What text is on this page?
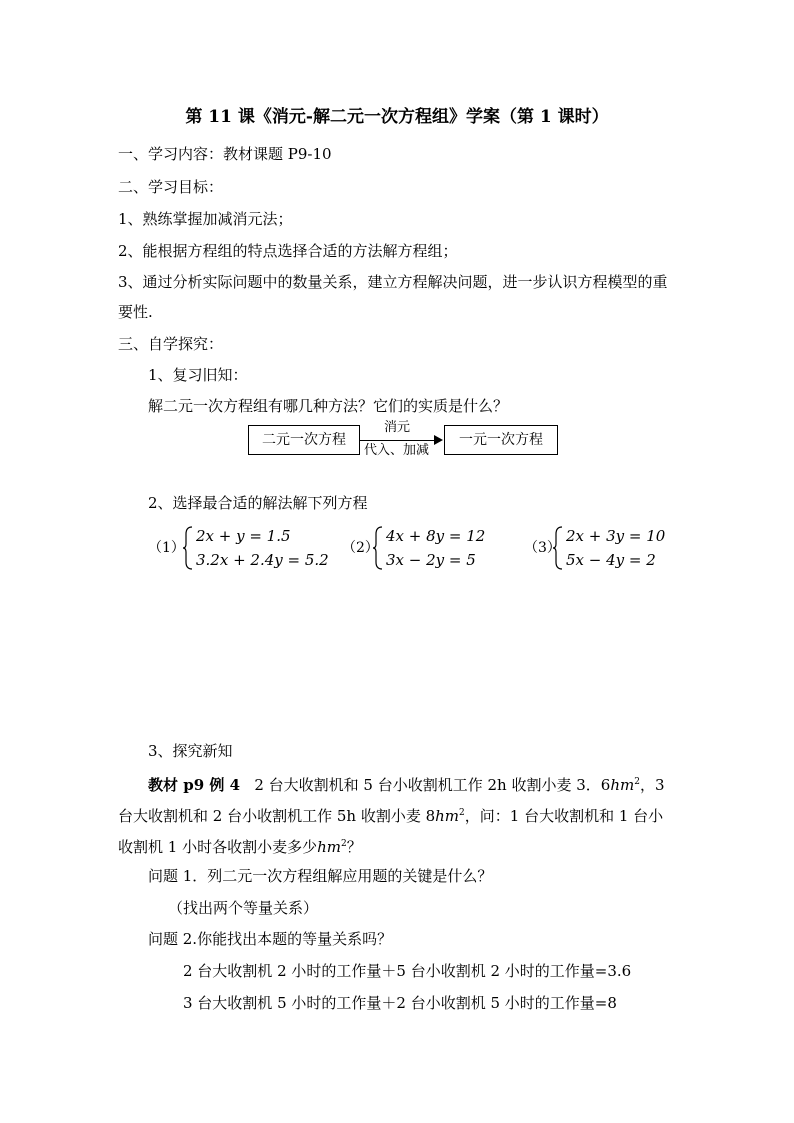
第 11 课《消元-解二元一次方程组》学案（第 1 课时）
一、学习内容：教材课题 P9-10
二、学习目标：
1、熟练掌握加减消元法；
2、能根据方程组的特点选择合适的方法解方程组；
3、通过分析实际问题中的数量关系，建立方程解决问题，进一步认识方程模型的重
要性.
三、自学探究：
1、复习旧知：
解二元一次方程组有哪几种方法？它们的实质是什么？
二元一次方程
消元
代入、加减
一元一次方程
2、选择最合适的解法解下列方程
（1）
2x + y = 1.5
3.2x + 2.4y = 5.2
（2）
4x + 8y = 12
3x − 2y = 5
（3）
2x + 3y = 10
5x − 4y = 2
3、探究新知
教材 p9 例 4 2 台大收割机和 5 台小收割机工作 2h 收割小麦 3．$6hm^2$，3
台大收割机和 2 台小收割机工作 5h 收割小麦 $8hm^2$，问：1 台大收割机和 1 台小
收割机 1 小时各收割小麦多少$hm^2$？
问题 1．列二元一次方程组解应用题的关键是什么？
（找出两个等量关系）
问题 2.你能找出本题的等量关系吗？
2 台大收割机 2 小时的工作量＋5 台小收割机 2 小时的工作量=3.6
3 台大收割机 5 小时的工作量＋2 台小收割机 5 小时的工作量=8
